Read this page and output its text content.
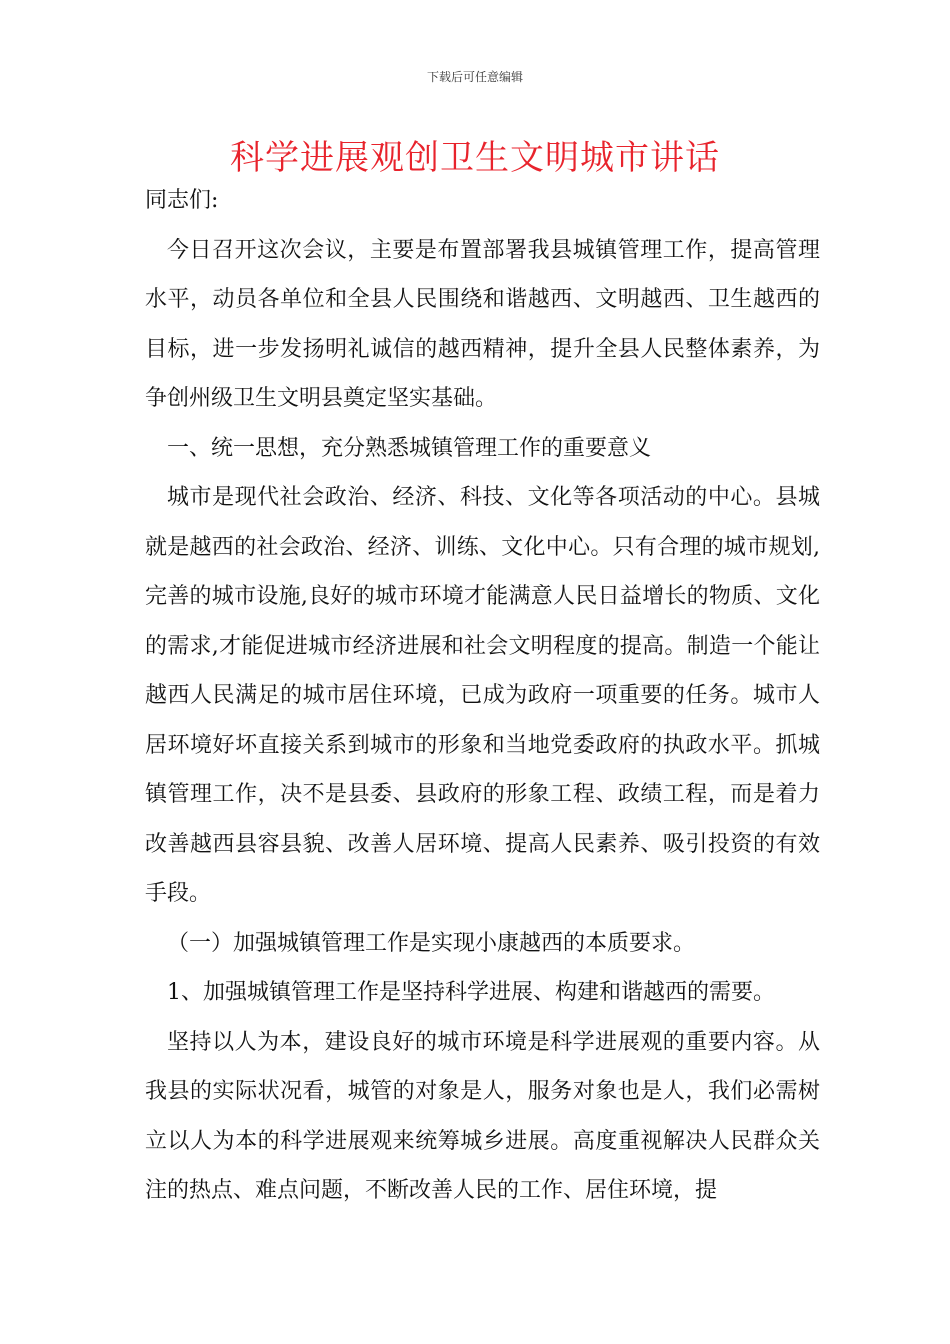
下载后可任意编辑
科学进展观创卫生文明城市讲话

同志们:

今日召开这次会议，主要是布置部署我县城镇管理工作，提高管理水平，动员各单位和全县人民围绕和谐越西、文明越西、卫生越西的目标，进一步发扬明礼诚信的越西精神，提升全县人民整体素养，为争创州级卫生文明县奠定坚实基础。

一、统一思想，充分熟悉城镇管理工作的重要意义

城市是现代社会政治、经济、科技、文化等各项活动的中心。县城就是越西的社会政治、经济、训练、文化中心。只有合理的城市规划,完善的城市设施,良好的城市环境才能满意人民日益增长的物质、文化的需求,才能促进城市经济进展和社会文明程度的提高。制造一个能让越西人民满足的城市居住环境，已成为政府一项重要的任务。城市人居环境好坏直接关系到城市的形象和当地党委政府的执政水平。抓城镇管理工作，决不是县委、县政府的形象工程、政绩工程，而是着力改善越西县容县貌、改善人居环境、提高人民素养、吸引投资的有效手段。

（一）加强城镇管理工作是实现小康越西的本质要求。

1、加强城镇管理工作是坚持科学进展、构建和谐越西的需要。

坚持以人为本，建设良好的城市环境是科学进展观的重要内容。从我县的实际状况看，城管的对象是人，服务对象也是人，我们必需树立以人为本的科学进展观来统筹城乡进展。高度重视解决人民群众关注的热点、难点问题，不断改善人民的工作、居住环境，提
